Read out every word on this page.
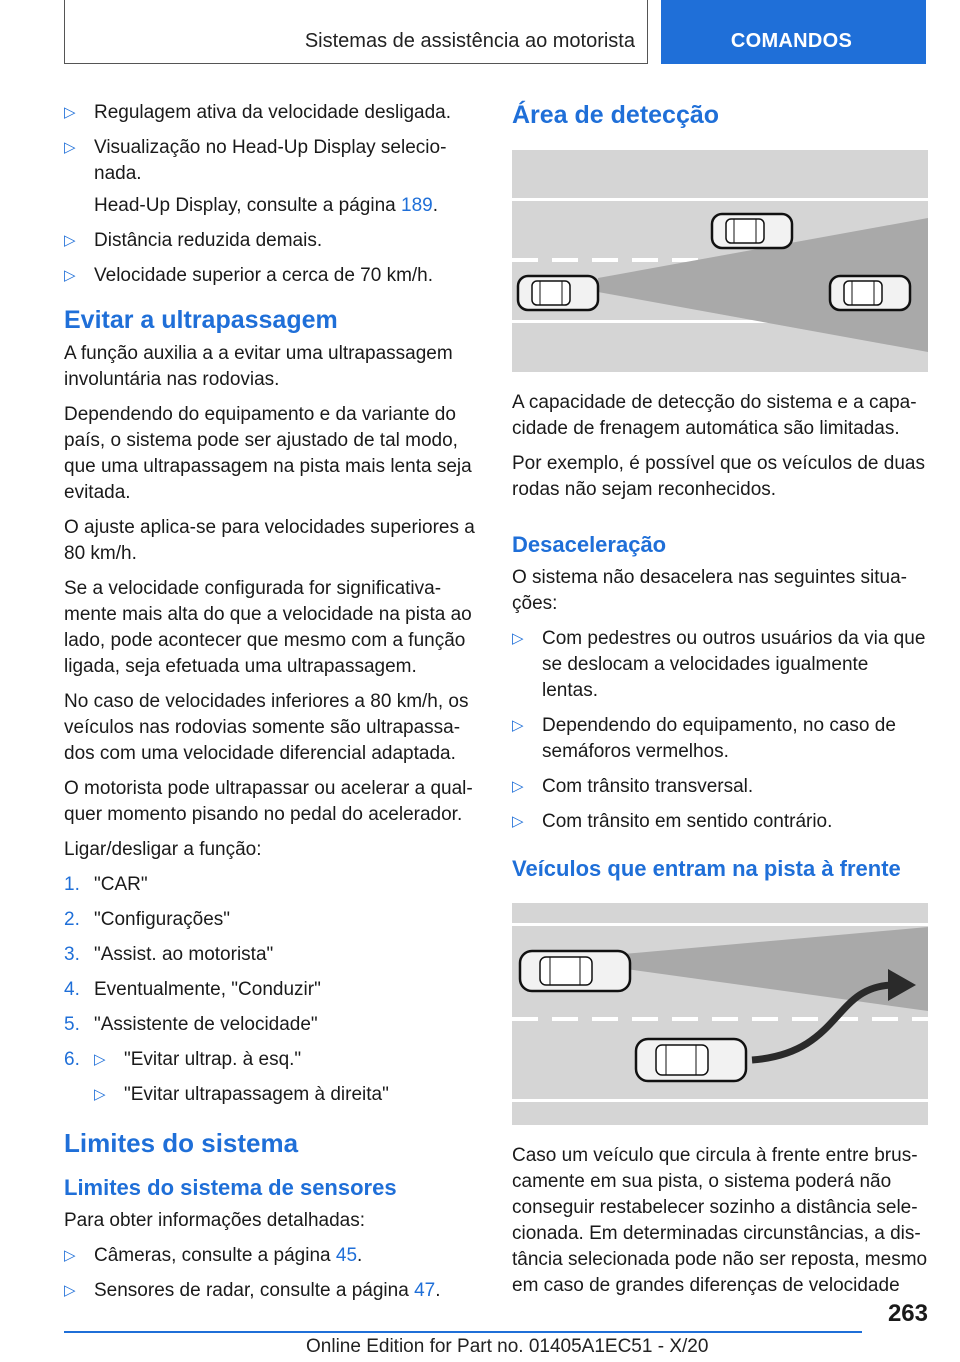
Sistemas de assistência ao motorista	COMANDOS
▷ Regulagem ativa da velocidade desligada.
▷ Visualização no Head-Up Display selecionada.
Head-Up Display, consulte a página 189.
▷ Distância reduzida demais.
▷ Velocidade superior a cerca de 70 km/h.
Evitar a ultrapassagem

A função auxilia a a evitar uma ultrapassagem involuntária nas rodovias.

Dependendo do equipamento e da variante do país, o sistema pode ser ajustado de tal modo, que uma ultrapassagem na pista mais lenta seja evitada.

O ajuste aplica-se para velocidades superiores a 80 km/h.

Se a velocidade configurada for significativamente mais alta do que a velocidade na pista ao lado, pode acontecer que mesmo com a função ligada, seja efetuada uma ultrapassagem.

No caso de velocidades inferiores a 80 km/h, os veículos nas rodovias somente são ultrapassados com uma velocidade diferencial adaptada.

O motorista pode ultrapassar ou acelerar a qualquer momento pisando no pedal do acelerador.

Ligar/desligar a função:

1. "CAR"
2. "Configurações"
3. "Assist. ao motorista"
4. Eventualmente, "Conduzir"
5. "Assistente de velocidade"
6. ▷ "Evitar ultrap. à esq."
▷ "Evitar ultrapassagem à direita"
Limites do sistema
Limites do sistema de sensores

Para obter informações detalhadas:

▷ Câmeras, consulte a página 45.
▷ Sensores de radar, consulte a página 47.
Área de detecção

A capacidade de detecção do sistema e a capacidade de frenagem automática são limitadas.

Por exemplo, é possível que os veículos de duas rodas não sejam reconhecidos.

Desaceleração

O sistema não desacelera nas seguintes situações:

▷ Com pedestres ou outros usuários da via que se deslocam a velocidades igualmente lentas.
▷ Dependendo do equipamento, no caso de semáforos vermelhos.
▷ Com trânsito transversal.
▷ Com trânsito em sentido contrário.
Veículos que entram na pista à frente

Caso um veículo que circula à frente entre bruscamente em sua pista, o sistema poderá não conseguir restabelecer sozinho a distância selecionada. Em determinadas circunstâncias, a distância selecionada pode não ser reposta, mesmo em caso de grandes diferenças de velocidade

263
Online Edition for Part no. 01405A1EC51 - X/20
